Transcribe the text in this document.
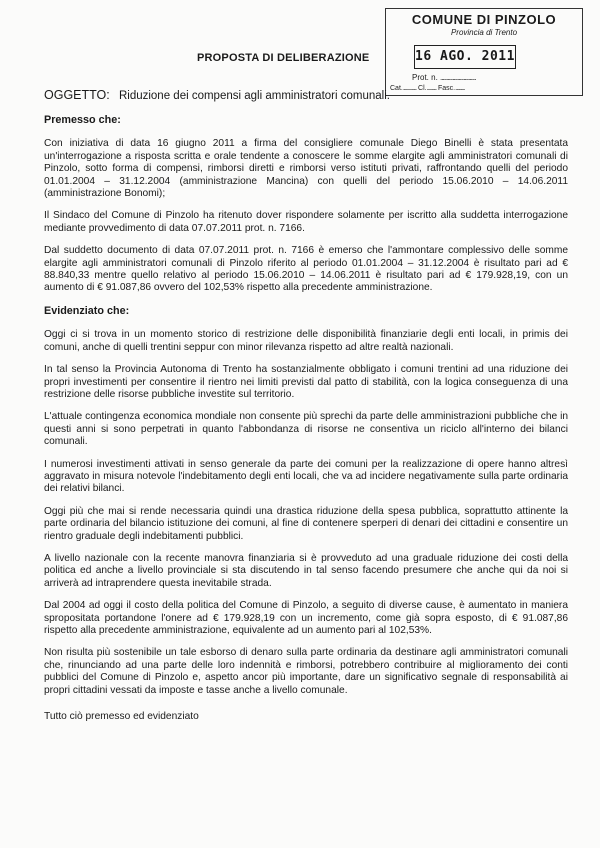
COMUNE DI PINZOLO
Provincia di Trento
16 AGO. 2011
Prot. n. .............................
Cat............... Cl........... Fasc...........
PROPOSTA DI DELIBERAZIONE
OGGETTO: Riduzione dei compensi agli amministratori comunali.
Premesso che:

Con iniziativa di data 16 giugno 2011 a firma del consigliere comunale Diego Binelli è stata presentata un'interrogazione a risposta scritta e orale tendente a conoscere le somme elargite agli amministratori comunali di Pinzolo, sotto forma di compensi, rimborsi diretti e rimborsi verso istituti privati, raffrontando quelli del periodo 01.01.2004 – 31.12.2004 (amministrazione Mancina) con quelli del periodo 15.06.2010 – 14.06.2011 (amministrazione Bonomi);

Il Sindaco del Comune di Pinzolo ha ritenuto dover rispondere solamente per iscritto alla suddetta interrogazione mediante provvedimento di data 07.07.2011 prot. n. 7166.

Dal suddetto documento di data 07.07.2011 prot. n. 7166 è emerso che l'ammontare complessivo delle somme elargite agli amministratori comunali di Pinzolo riferito al periodo 01.01.2004 – 31.12.2004 è risultato pari ad € 88.840,33 mentre quello relativo al periodo 15.06.2010 – 14.06.2011 è risultato pari ad € 179.928,19, con un aumento di € 91.087,86 ovvero del 102,53% rispetto alla precedente amministrazione.

Evidenziato che:

Oggi ci si trova in un momento storico di restrizione delle disponibilità finanziarie degli enti locali, in primis dei comuni, anche di quelli trentini seppur con minor rilevanza rispetto ad altre realtà nazionali.

In tal senso la Provincia Autonoma di Trento ha sostanzialmente obbligato i comuni trentini ad una riduzione dei propri investimenti per consentire il rientro nei limiti previsti dal patto di stabilità, con la logica conseguenza di una restrizione delle risorse pubbliche investite sul territorio.

L'attuale contingenza economica mondiale non consente più sprechi da parte delle amministrazioni pubbliche che in questi anni si sono perpetrati in quanto l'abbondanza di risorse ne consentiva un riciclo all'interno dei bilanci comunali.

I numerosi investimenti attivati in senso generale da parte dei comuni per la realizzazione di opere hanno altresì aggravato in misura notevole l'indebitamento degli enti locali, che va ad incidere negativamente sulla parte ordinaria dei relativi bilanci.

Oggi più che mai si rende necessaria quindi una drastica riduzione della spesa pubblica, soprattutto attinente la parte ordinaria del bilancio istituzione dei comuni, al fine di contenere sperperi di denari dei cittadini e consentire un rientro graduale degli indebitamenti pubblici.

A livello nazionale con la recente manovra finanziaria si è provveduto ad una graduale riduzione dei costi della politica ed anche a livello provinciale si sta discutendo in tal senso facendo presumere che anche qui da noi si arriverà ad intraprendere questa inevitabile strada.

Dal 2004 ad oggi il costo della politica del Comune di Pinzolo, a seguito di diverse cause, è aumentato in maniera spropositata portandone l'onere ad € 179.928,19 con un incremento, come già sopra esposto, di € 91.087,86 rispetto alla precedente amministrazione, equivalente ad un aumento pari al 102,53%.

Non risulta più sostenibile un tale esborso di denaro sulla parte ordinaria da destinare agli amministratori comunali che, rinunciando ad una parte delle loro indennità e rimborsi, potrebbero contribuire al miglioramento dei conti pubblici del Comune di Pinzolo e, aspetto ancor più importante, dare un significativo segnale di responsabilità ai propri cittadini vessati da imposte e tasse anche a livello comunale.

Tutto ciò premesso ed evidenziato
